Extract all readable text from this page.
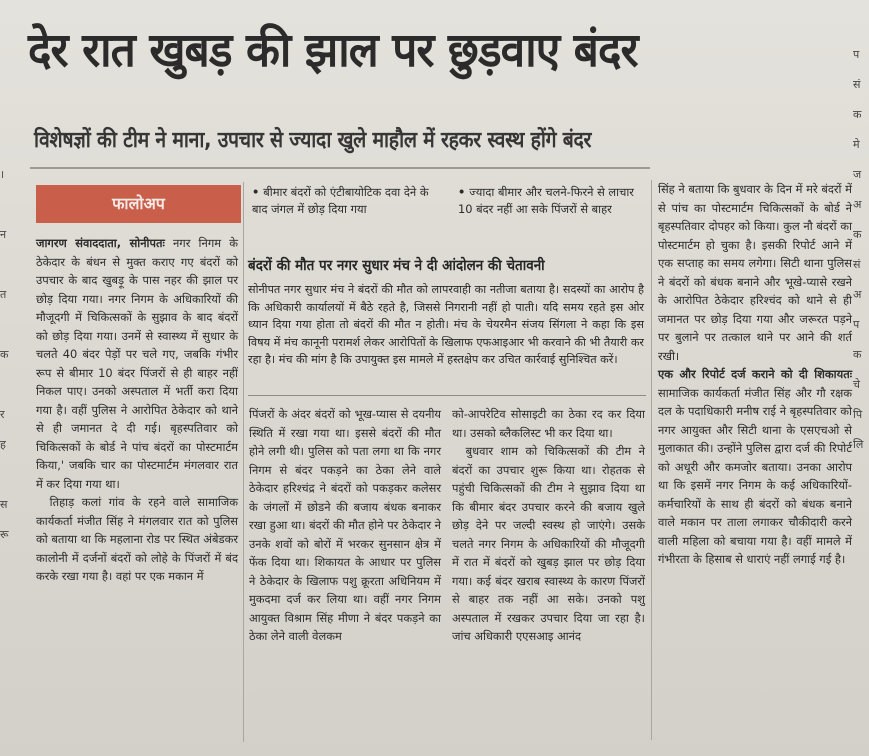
।

न

त

क

र
ह

स
रू
प
सं
क
मे
ज
अ
क
सं
अ
प
क
चे
पि
लि
देर रात खुबड़ की झाल पर छुड़वाए बंदर
विशेषज्ञों की टीम ने माना, उपचार से ज्यादा खुले माहौल में रहकर स्वस्थ होंगे बंदर
फालोअप
• बीमार बंदरों को एंटीबायोटिक दवा देने के बाद जंगल में छोड़ दिया गया
• ज्यादा बीमार और चलने-फिरने से लाचार 10 बंदर नहीं आ सके पिंजरों से बाहर

जागरण संवाददाता, सोनीपतः नगर निगम के ठेकेदार के बंधन से मुक्त कराए गए बंदरों को उपचार के बाद खुबड़ू के पास नहर की झाल पर छोड़ दिया गया। नगर निगम के अधिकारियों की मौजूदगी में चिकित्सकों के सुझाव के बाद बंदरों को छोड़ दिया गया। उनमें से स्वास्थ्य में सुधार के चलते 40 बंदर पेड़ों पर चले गए, जबकि गंभीर रूप से बीमार 10 बंदर पिंजरों से ही बाहर नहीं निकल पाए। उनको अस्पताल में भर्ती करा दिया गया है। वहीं पुलिस ने आरोपित ठेकेदार को थाने से ही जमानत दे दी गई। बृहस्पतिवार को चिकित्सकों के बोर्ड ने पांच बंदरों का पोस्टमार्टम किया,' जबकि चार का पोस्टमार्टम मंगलवार रात में कर दिया गया था।

तिहाड़ कलां गांव के रहने वाले सामाजिक कार्यकर्ता मंजीत सिंह ने मंगलवार रात को पुलिस को बताया था कि महलाना रोड पर स्थित अंबेडकर कालोनी में दर्जनों बंदरों को लोहे के पिंजरों में बंद करके रखा गया है। वहां पर एक मकान में

बंदरों की मौत पर नगर सुधार मंच ने दी आंदोलन की चेतावनी
सोनीपत नगर सुधार मंच ने बंदरों की मौत को लापरवाही का नतीजा बताया है। सदस्यों का आरोप है कि अधिकारी कार्यालयों में बैठे रहते है, जिससे निगरानी नहीं हो पाती। यदि समय रहते इस ओर ध्यान दिया गया होता तो बंदरों की मौत न होती। मंच के चेयरमैन संजय सिंगला ने कहा कि इस विषय में मंच कानूनी परामर्श लेकर आरोपितों के खिलाफ एफआइआर भी करवाने की भी तैयारी कर रहा है। मंच की मांग है कि उपायुक्त इस मामले में हस्तक्षेप कर उचित कार्रवाई सुनिश्चित करें।

पिंजरों के अंदर बंदरों को भूख-प्यास से दयनीय स्थिति में रखा गया था। इससे बंदरों की मौत होने लगी थी। पुलिस को पता लगा था कि नगर निगम से बंदर पकड़ने का ठेका लेने वाले ठेकेदार हरिश्चंद्र ने बंदरों को पकड़कर कलेसर के जंगलों में छोडने की बजाय बंधक बनाकर रखा हुआ था। बंदरों की मौत होने पर ठेकेदार ने उनके शवों को बोरों में भरकर सुनसान क्षेत्र में फेंक दिया था। शिकायत के आधार पर पुलिस ने ठेकेदार के खिलाफ पशु क्रूरता अधिनियम में मुकदमा दर्ज कर लिया था। वहीं नगर निगम आयुक्त विश्राम सिंह मीणा ने बंदर पकड़ने का ठेका लेने वाली वेलकम

को-आपरेटिव सोसाइटी का ठेका रद कर दिया था। उसको ब्लैकलिस्ट भी कर दिया था।

बुधवार शाम को चिकित्सकों की टीम ने बंदरों का उपचार शुरू किया था। रोहतक से पहुंची चिकित्सकों की टीम ने सुझाव दिया था कि बीमार बंदर उपचार करने की बजाय खुले छोड़ देने पर जल्दी स्वस्थ हो जाएंगे। उसके चलते नगर निगम के अधिकारियों की मौजूदगी में रात में बंदरों को खुबड़ झाल पर छोड़ दिया गया। कई बंदर खराब स्वास्थ्य के कारण पिंजरों से बाहर तक नहीं आ सके। उनको पशु अस्पताल में रखकर उपचार दिया जा रहा है। जांच अधिकारी एएसआइ आनंद

सिंह ने बताया कि बुधवार के दिन में मरे बंदरों में से पांच का पोस्टमार्टम चिकित्सकों के बोर्ड ने बृहस्पतिवार दोपहर को किया। कुल नौ बंदरों का पोस्टमार्टम हो चुका है। इसकी रिपोर्ट आने में एक सप्ताह का समय लगेगा। सिटी थाना पुलिस ने बंदरों को बंधक बनाने और भूखे-प्यासे रखने के आरोपित ठेकेदार हरिश्चंद को थाने से ही जमानत पर छोड़ दिया गया और जरूरत पड़ने पर बुलाने पर तत्काल थाने पर आने की शर्त रखी।

एक और रिपोर्ट दर्ज कराने को दी शिकायतः सामाजिक कार्यकर्ता मंजीत सिंह और गौ रक्षक दल के पदाधिकारी मनीष राई ने बृहस्पतिवार को नगर आयुक्त और सिटी थाना के एसएचओ से मुलाकात की। उन्होंने पुलिस द्वारा दर्ज की रिपोर्ट को अधूरी और कमजोर बताया। उनका आरोप था कि इसमें नगर निगम के कई अधिकारियों-कर्मचारियों के साथ ही बंदरों को बंधक बनाने वाले मकान पर ताला लगाकर चौकीदारी करने वाली महिला को बचाया गया है। वहीं मामले में गंभीरता के हिसाब से धाराएं नहीं लगाई गई है।
